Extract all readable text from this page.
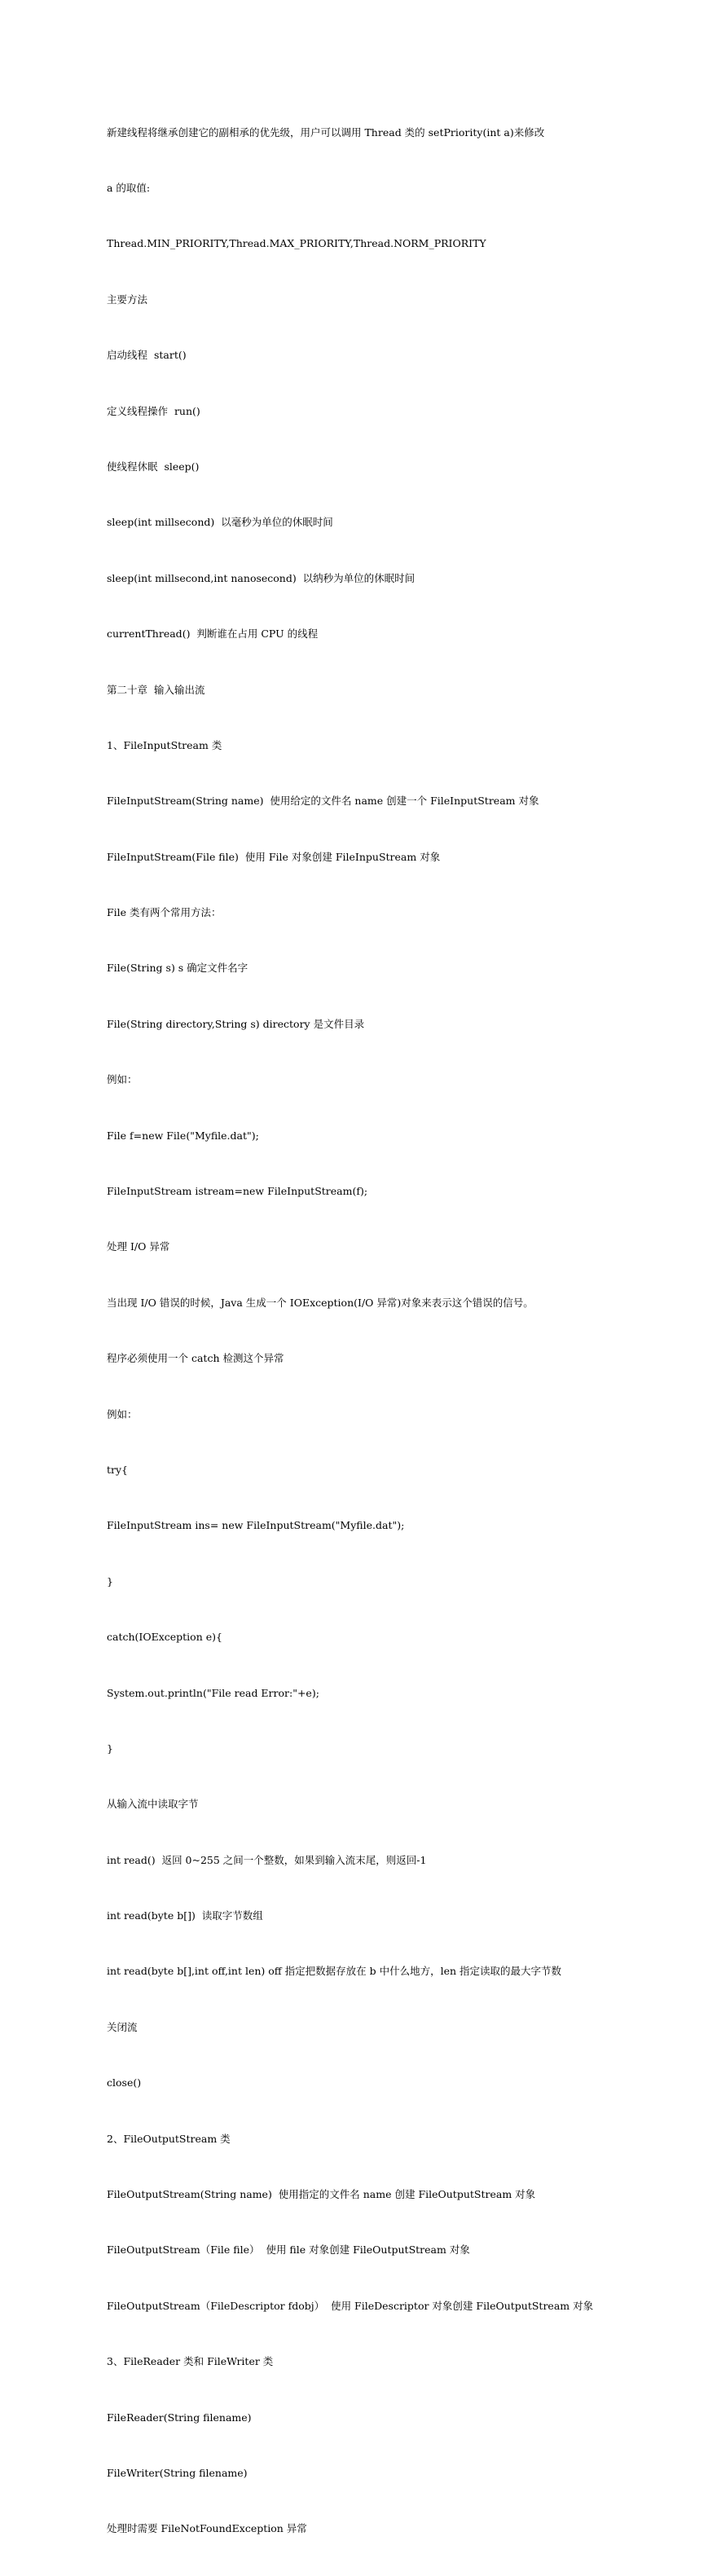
新建线程将继承创建它的副相承的优先级，用户可以调用 Thread 类的 setPriority(int a)来修改

a 的取值:

Thread.MIN_PRIORITY,Thread.MAX_PRIORITY,Thread.NORM_PRIORITY

主要方法

启动线程  start()

定义线程操作  run()

使线程休眠  sleep()

sleep(int millsecond)  以毫秒为单位的休眠时间

sleep(int millsecond,int nanosecond)  以纳秒为单位的休眠时间

currentThread()  判断谁在占用 CPU 的线程

第二十章  输入输出流

1、FileInputStream 类

FileInputStream(String name)  使用给定的文件名 name 创建一个 FileInputStream 对象

FileInputStream(File file)  使用 File 对象创建 FileInpuStream 对象

File 类有两个常用方法：

File(String s) s 确定文件名字

File(String directory,String s) directory 是文件目录

例如：

File f=new File("Myfile.dat");

FileInputStream istream=new FileInputStream(f);

处理 I/O 异常

当出现 I/O 错误的时候，Java 生成一个 IOException(I/O 异常)对象来表示这个错误的信号。

程序必须使用一个 catch 检测这个异常

例如：

try{

FileInputStream ins= new FileInputStream("Myfile.dat");

}

catch(IOException e){

System.out.println("File read Error:"+e);

}

从输入流中读取字节

int read()  返回 0~255 之间一个整数，如果到输入流末尾，则返回-1

int read(byte b[])  读取字节数组

int read(byte b[],int off,int len) off 指定把数据存放在 b 中什么地方，len 指定读取的最大字节数

关闭流

close()

2、FileOutputStream 类

FileOutputStream(String name)  使用指定的文件名 name 创建 FileOutputStream 对象

FileOutputStream（File file）  使用 file 对象创建 FileOutputStream 对象

FileOutputStream（FileDescriptor fdobj）  使用 FileDescriptor 对象创建 FileOutputStream 对象

3、FileReader 类和 FileWriter 类

FileReader(String filename)

FileWriter(String filename)

处理时需要 FileNotFoundException 异常
